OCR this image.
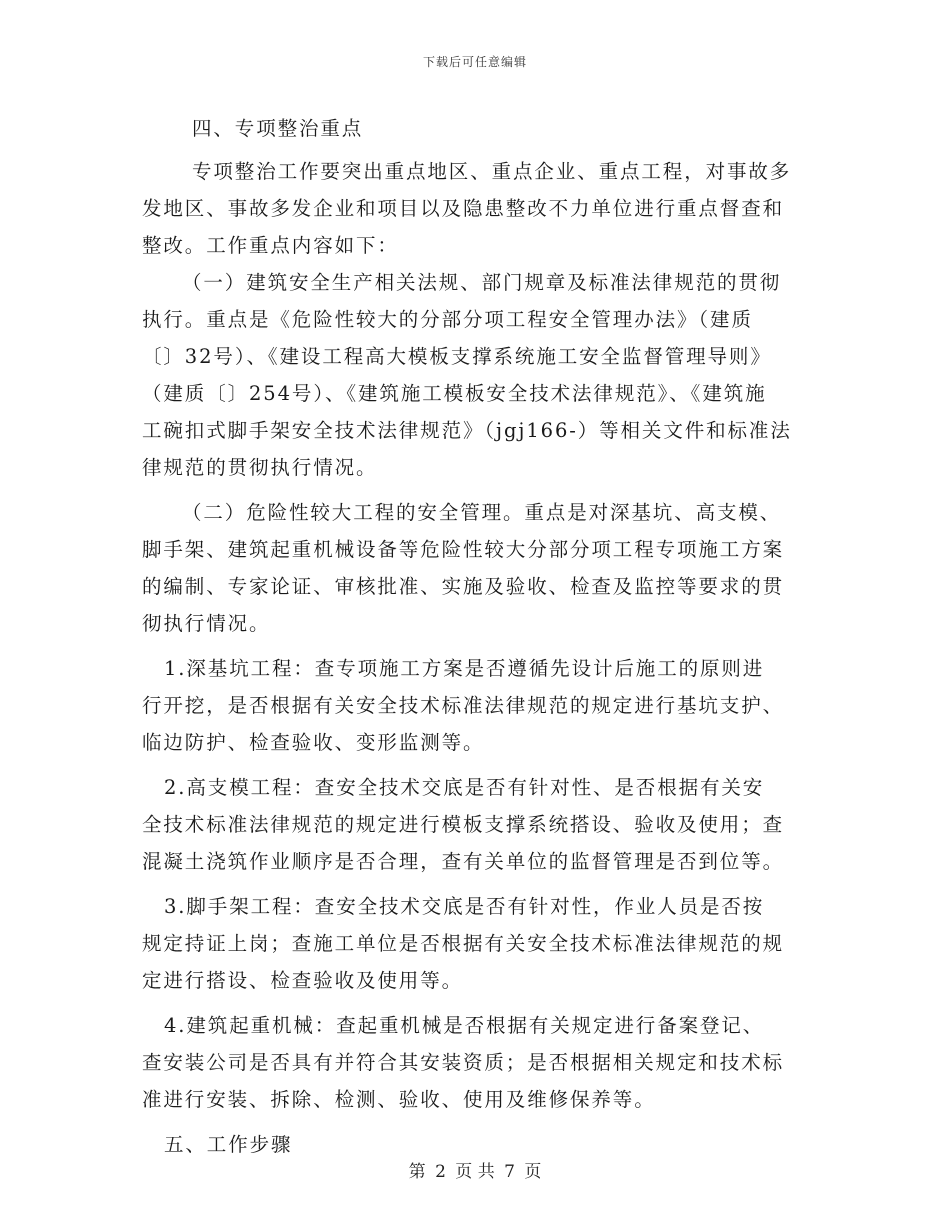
下载后可任意编辑
四、专项整治重点
专项整治工作要突出重点地区、重点企业、重点工程，对事故多
发地区、事故多发企业和项目以及隐患整改不力单位进行重点督查和
整改。工作重点内容如下：
（一）建筑安全生产相关法规、部门规章及标准法律规范的贯彻
执行。重点是《危险性较大的分部分项工程安全管理办法》（建质
〔〕32号）、《建设工程高大模板支撑系统施工安全监督管理导则》
（建质〔〕254号）、《建筑施工模板安全技术法律规范》、《建筑施
工碗扣式脚手架安全技术法律规范》（jgj166-）等相关文件和标准法
律规范的贯彻执行情况。
（二）危险性较大工程的安全管理。重点是对深基坑、高支模、
脚手架、建筑起重机械设备等危险性较大分部分项工程专项施工方案
的编制、专家论证、审核批准、实施及验收、检查及监控等要求的贯
彻执行情况。
1.深基坑工程：查专项施工方案是否遵循先设计后施工的原则进
行开挖，是否根据有关安全技术标准法律规范的规定进行基坑支护、
临边防护、检查验收、变形监测等。
2.高支模工程：查安全技术交底是否有针对性、是否根据有关安
全技术标准法律规范的规定进行模板支撑系统搭设、验收及使用；查
混凝土浇筑作业顺序是否合理，查有关单位的监督管理是否到位等。
3.脚手架工程：查安全技术交底是否有针对性，作业人员是否按
规定持证上岗；查施工单位是否根据有关安全技术标准法律规范的规
定进行搭设、检查验收及使用等。
4.建筑起重机械：查起重机械是否根据有关规定进行备案登记、
查安装公司是否具有并符合其安装资质；是否根据相关规定和技术标
准进行安装、拆除、检测、验收、使用及维修保养等。
五、工作步骤
第 2 页 共 7 页
